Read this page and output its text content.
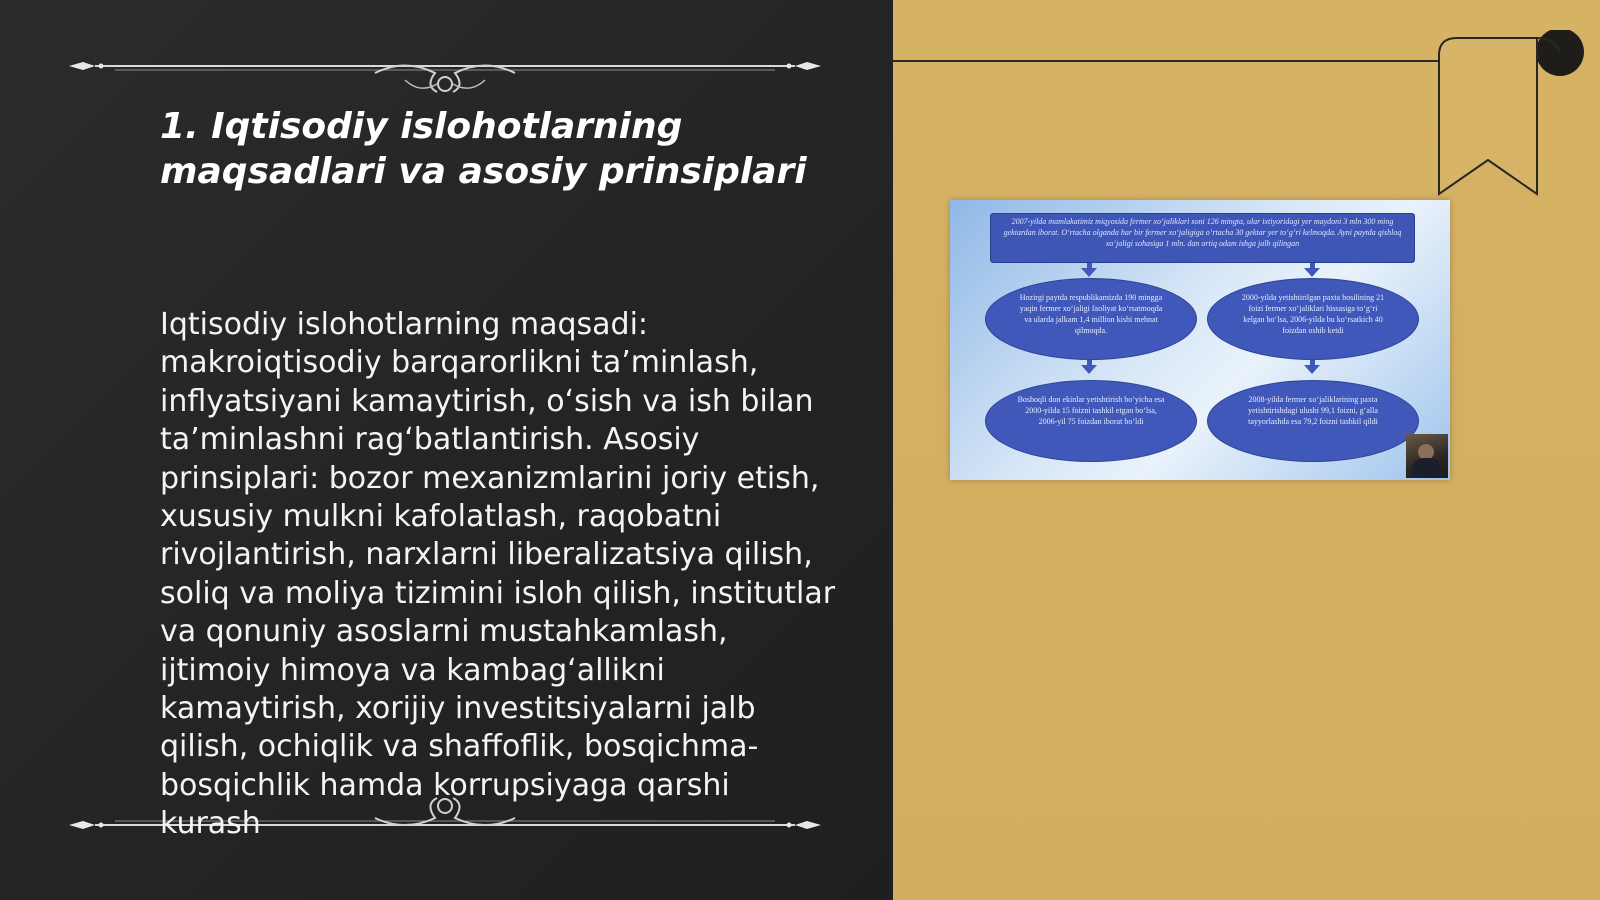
1. Iqtisodiy islohotlarning maqsadlari va asosiy prinsiplari

Iqtisodiy islohotlarning maqsadi: makroiqtisodiy barqarorlikni ta’minlash, inflyatsiyani kamaytirish, o‘sish va ish bilan ta’minlashni rag‘batlantirish. Asosiy prinsiplari: bozor mexanizmlarini joriy etish, xususiy mulkni kafolatlash, raqobatni rivojlantirish, narxlarni liberalizatsiya qilish, soliq va moliya tizimini isloh qilish, institutlar va qonuniy asoslarni mustahkamlash, ijtimoiy himoya va kambag‘allikni kamaytirish, xorijiy investitsiyalarni jalb qilish, ochiqlik va shaffoflik, bosqichma-bosqichlik hamda korrupsiyaga qarshi kurash

2007-yilda mamlakatimiz miqyosida fermer xo‘jaliklari soni 126 mingta, ular ixtiyoridagi yer maydoni 3 mln 300 ming gektardan iborat. O‘rtacha olganda har bir fermer xo‘jaligiga o‘rtacha 30 gektar yer to‘g‘ri kelmoqda. Ayni paytda qishloq xo‘jaligi sohasiga 1 mln. dan ortiq odam ishga jalb qilingan
Hozirgi paytda respublikamizda 190 mingga yaqin fermer xo‘jaligi faoliyat ko‘rsatmoqda va ularda jalkam 1,4 million kishi mehnat qilmoqda.
2000-yilda yetishtirilgan paxta hosilining 21 foizi fermer xo‘jaliklari hissasiga to‘g‘ri kelgan bo‘lsa, 2006-yilda bu ko‘rsatkich 40 foizdan oshib ketdi
Boshoqli don ekinlar yetishtirish bo‘yicha esa 2000-yilda 15 foizni tashkil etgan bo‘lsa, 2006-yil 75 foizdan iborat bo‘ldi
2008-yilda fermer xo‘jaliklarining paxta yetishtirishdagi ulushi 99,1 foizni, g‘alla tayyorlashda esa 79,2 foizni tashkil qildi
